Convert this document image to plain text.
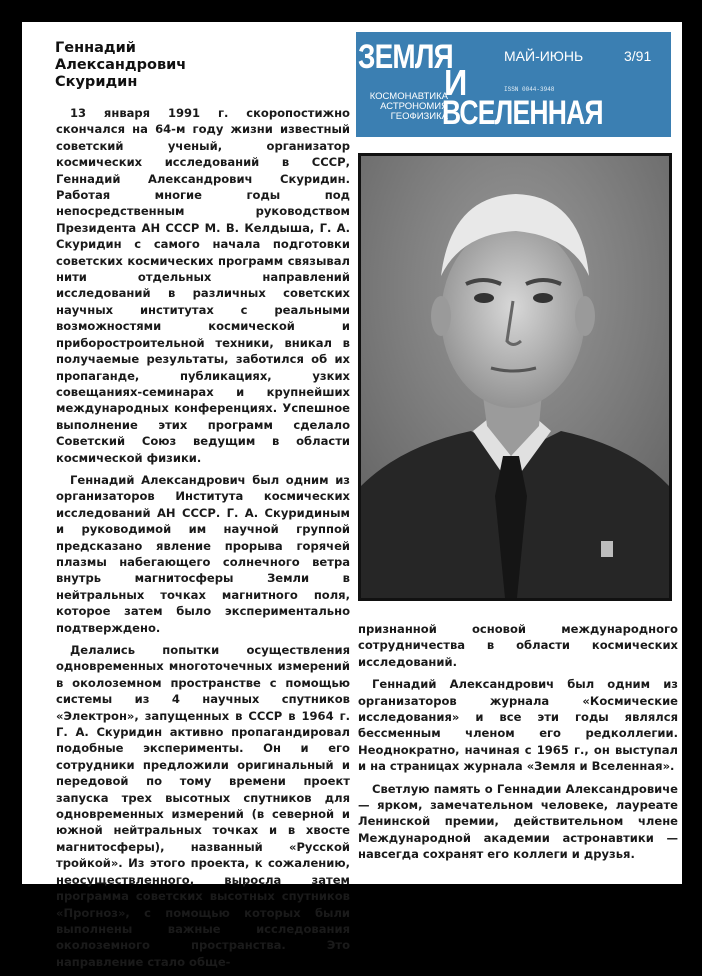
Геннадий
Александрович
Скуридин
ЗЕМЛЯ
И
ВСЕЛЕННАЯ
МАЙ-ИЮНЬ	3/91
ISSN 0044-3948
КОСМОНАВТИКА
АСТРОНОМИЯ
ГЕОФИЗИКА

13 января 1991 г. скоропостижно скончался на 64-м году жизни известный советский ученый, организатор космических исследований в СССР, Геннадий Александрович Скуридин. Работая многие годы под непосредственным руководством Президента АН СССР М. В. Келдыша, Г. А. Скуридин с самого начала подготовки советских космических программ связывал нити отдельных направлений исследований в различных советских научных институтах с реальными возможностями космической и приборостроительной техники, вникал в получаемые результаты, заботился об их пропаганде, публикациях, узких совещаниях-семинарах и крупнейших международных конференциях. Успешное выполнение этих программ сделало Советский Союз ведущим в области космической физики.

Геннадий Александрович был одним из организаторов Института космических исследований АН СССР. Г. А. Скуридиным и руководимой им научной группой предсказано явление прорыва горячей плазмы набегающего солнечного ветра внутрь магнитосферы Земли в нейтральных точках магнитного поля, которое затем было экспериментально подтверждено.

Делались попытки осуществления одновременных многоточечных измерений в околоземном пространстве с помощью системы из 4 научных спутников «Электрон», запущенных в СССР в 1964 г. Г. А. Скуридин активно пропагандировал подобные эксперименты. Он и его сотрудники предложили оригинальный и передовой по тому времени проект запуска трех высотных спутников для одновременных измерений (в северной и южной нейтральных точках и в хвосте магнитосферы), названный «Русской тройкой». Из этого проекта, к сожалению, неосуществленного, выросла затем программа советских высотных спутников «Прогноз», с помощью которых были выполнены важные исследования околоземного пространства. Это направление стало обще-

признанной основой международного сотрудничества в области космических исследований.

Геннадий Александрович был одним из организаторов журнала «Космические исследования» и все эти годы являлся бессменным членом его редколлегии. Неоднократно, начиная с 1965 г., он выступал и на страницах журнала «Земля и Вселенная».

Светлую память о Геннадии Александровиче — ярком, замечательном человеке, лауреате Ленинской премии, действительном члене Международной академии астронавтики — навсегда сохранят его коллеги и друзья.
